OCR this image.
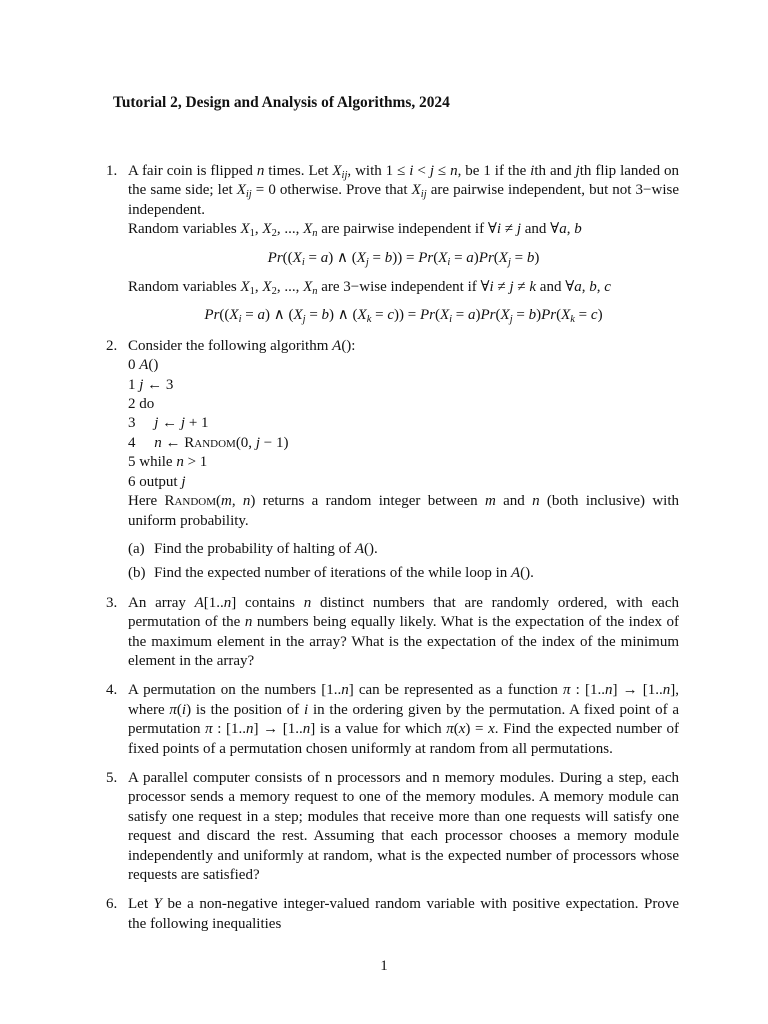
Tutorial 2, Design and Analysis of Algorithms, 2024
1. A fair coin is flipped n times. Let $X_{ij}$, with 1 ≤ i < j ≤ n, be 1 if the ith and jth flip landed on the same side; let $X_{ij} = 0$ otherwise. Prove that $X_{ij}$ are pairwise independent, but not 3−wise independent.
Random variables $X_1$, $X_2$, ..., $X_n$ are pairwise independent if ∀i ≠ j and ∀a, b
$Pr((X_i = a)$ ∧ $(X_j = b)) = Pr(X_i = a)Pr(X_j = b)$
Random variables $X_1$, $X_2$, ..., $X_n$ are 3−wise independent if ∀i ≠ j ≠ k and ∀a, b, c
$Pr((X_i = a)$ ∧ $(X_j = b)$ ∧ $(X_k = c)) = Pr(X_i = a)Pr(X_j = b)Pr(X_k = c)$
2. Consider the following algorithm A():
0 A()
1 j ← 3
2 do
3     j ← j + 1
4     n ← Random(0, j − 1)
5 while n > 1
6 output j
Here Random(m, n) returns a random integer between m and n (both inclusive) with uniform probability.
(a) Find the probability of halting of A().
(b) Find the expected number of iterations of the while loop in A().
3. An array A[1..n] contains n distinct numbers that are randomly ordered, with each permutation of the n numbers being equally likely. What is the expectation of the index of the maximum element in the array? What is the expectation of the index of the minimum element in the array?
4. A permutation on the numbers [1..n] can be represented as a function π : [1..n] → [1..n], where π(i) is the position of i in the ordering given by the permutation. A fixed point of a permutation π : [1..n] → [1..n] is a value for which π(x) = x. Find the expected number of fixed points of a permutation chosen uniformly at random from all permutations.
5. A parallel computer consists of n processors and n memory modules. During a step, each processor sends a memory request to one of the memory modules. A memory module can satisfy one request in a step; modules that receive more than one requests will satisfy one request and discard the rest. Assuming that each processor chooses a memory module independently and uniformly at random, what is the expected number of processors whose requests are satisfied?
6. Let Y be a non-negative integer-valued random variable with positive expectation. Prove the following inequalities
1
